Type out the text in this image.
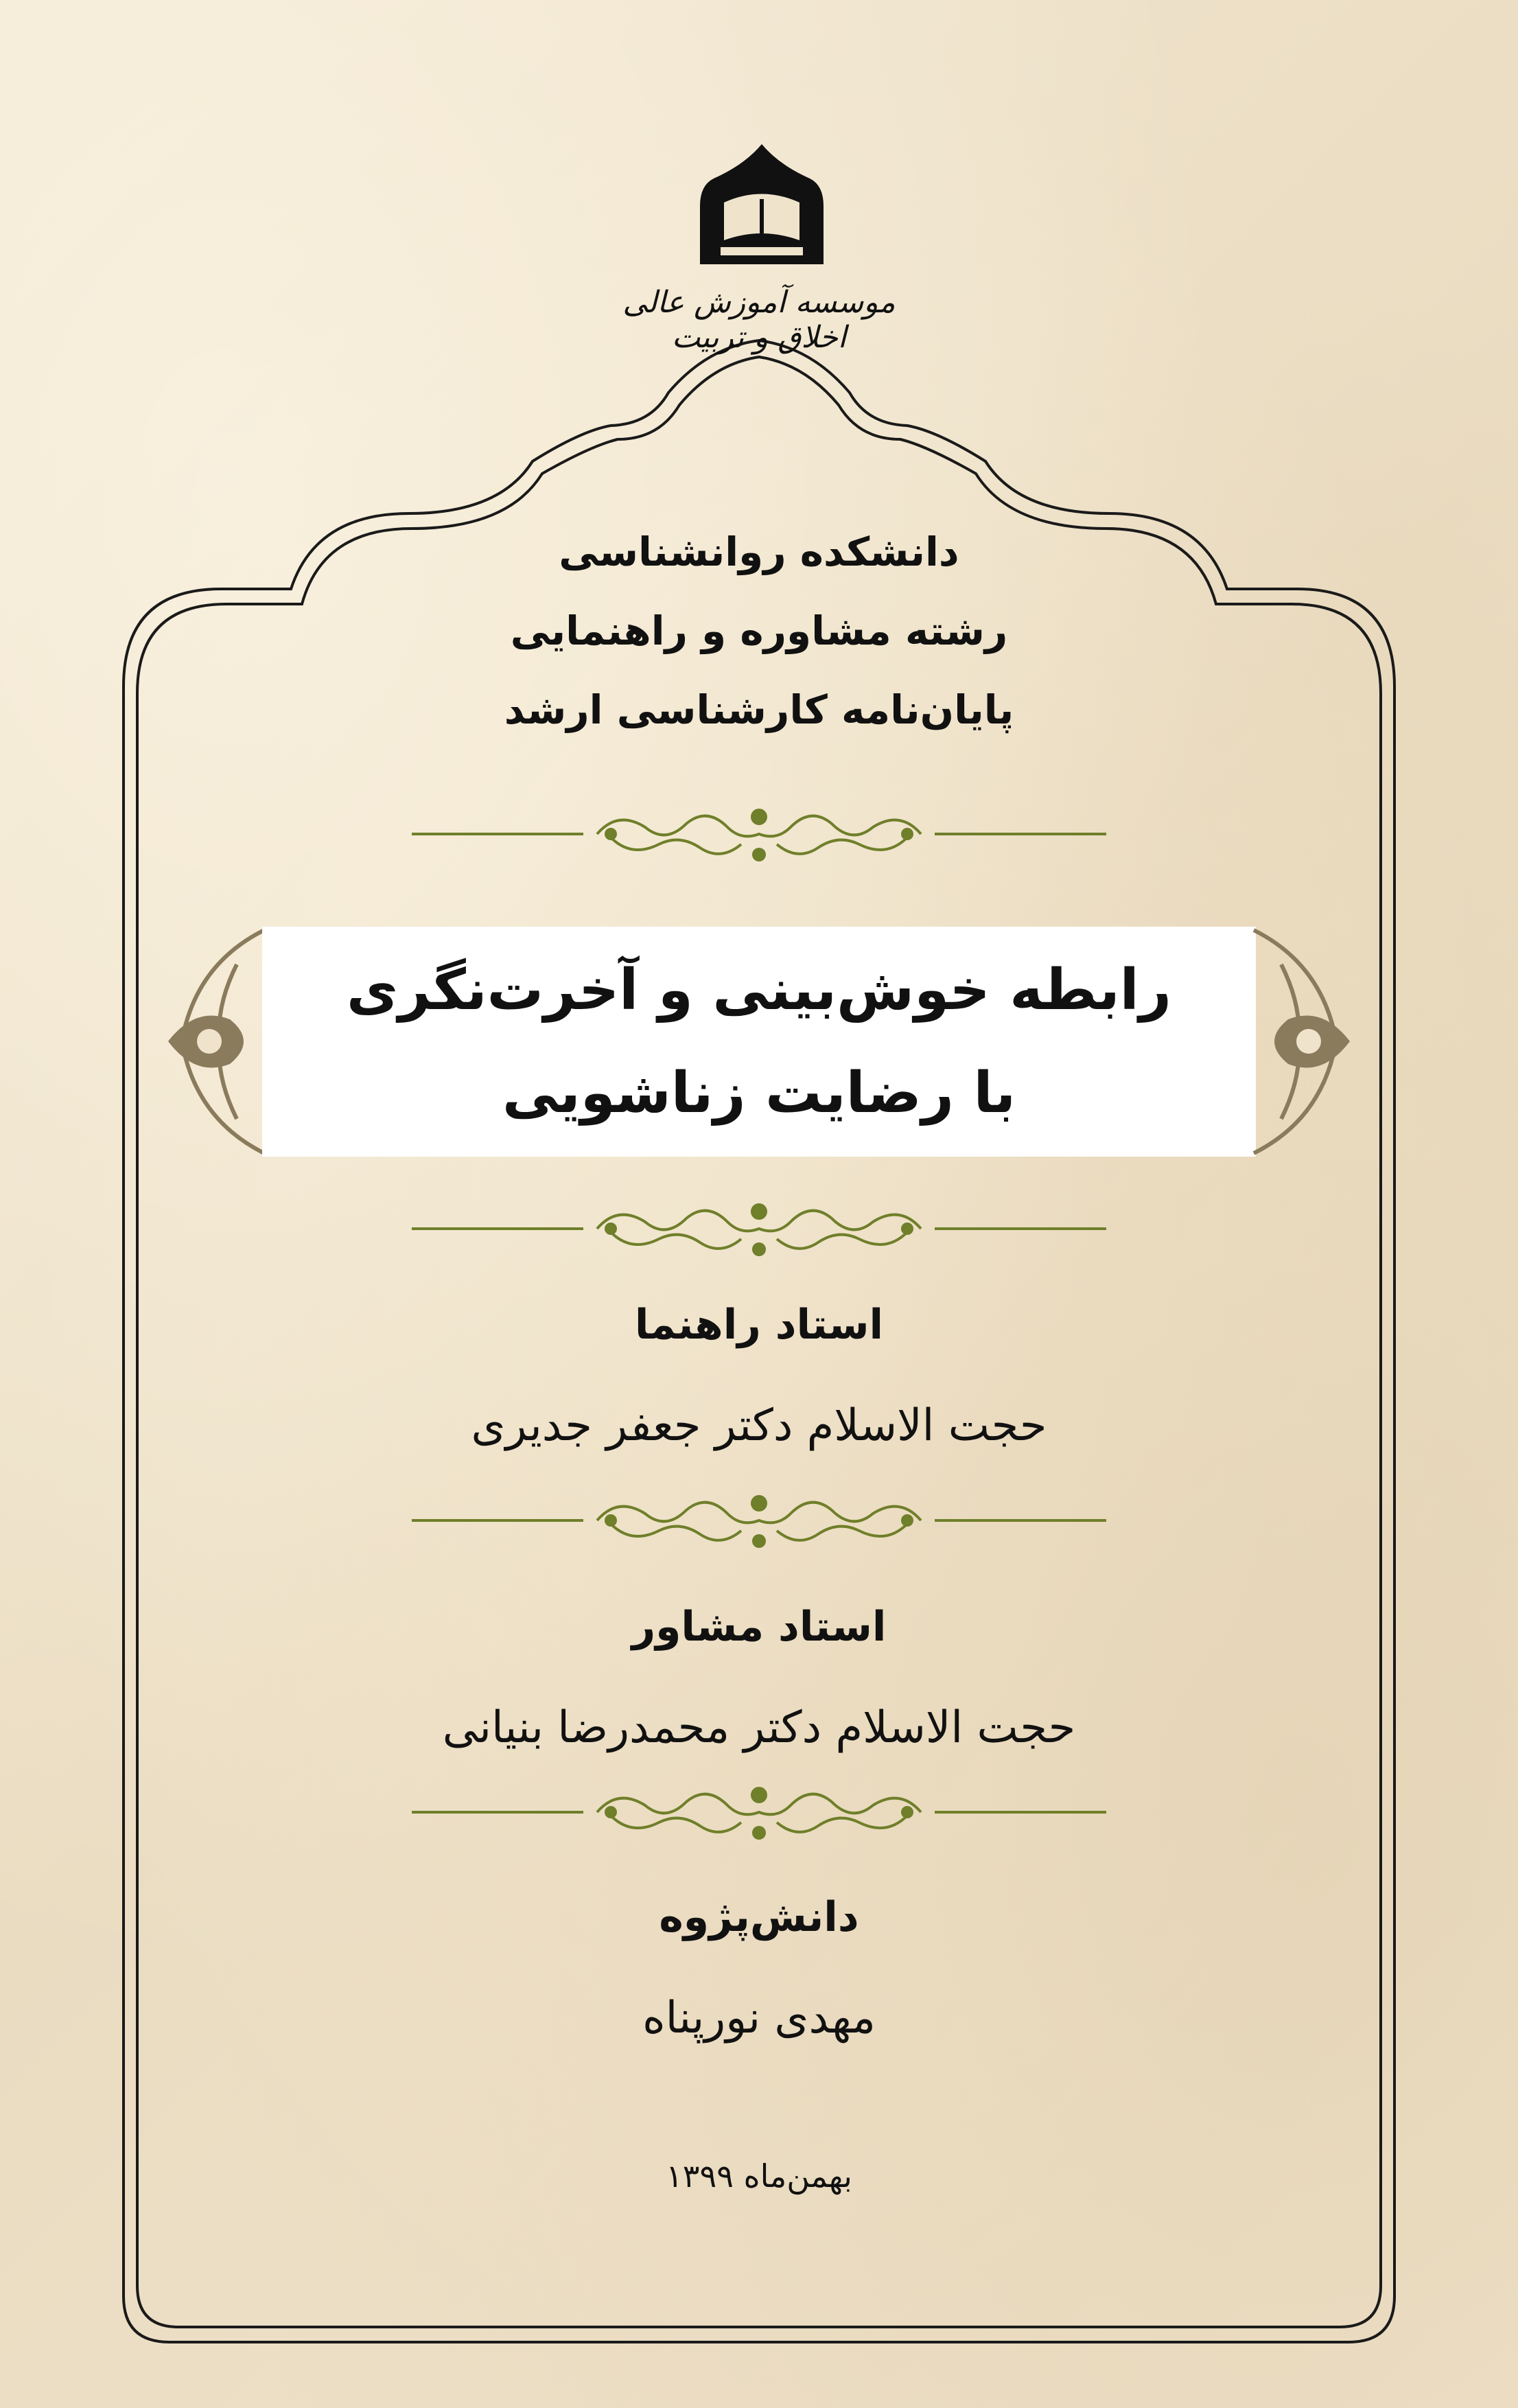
موسسه آموزش عالی اخلاق و تربیت
دانشکده روانشناسی
رشته مشاوره و راهنمایی
پایان‌نامه کارشناسی ارشد
رابطه خوش‌بینی و آخرت‌نگری
با رضایت زناشویی
استاد راهنما
حجت الاسلام دکتر جعفر جدیری
استاد مشاور
حجت الاسلام دکتر محمدرضا بنیانی
دانش‌پژوه
مهدی نورپناه
بهمن‌ماه ۱۳۹۹
